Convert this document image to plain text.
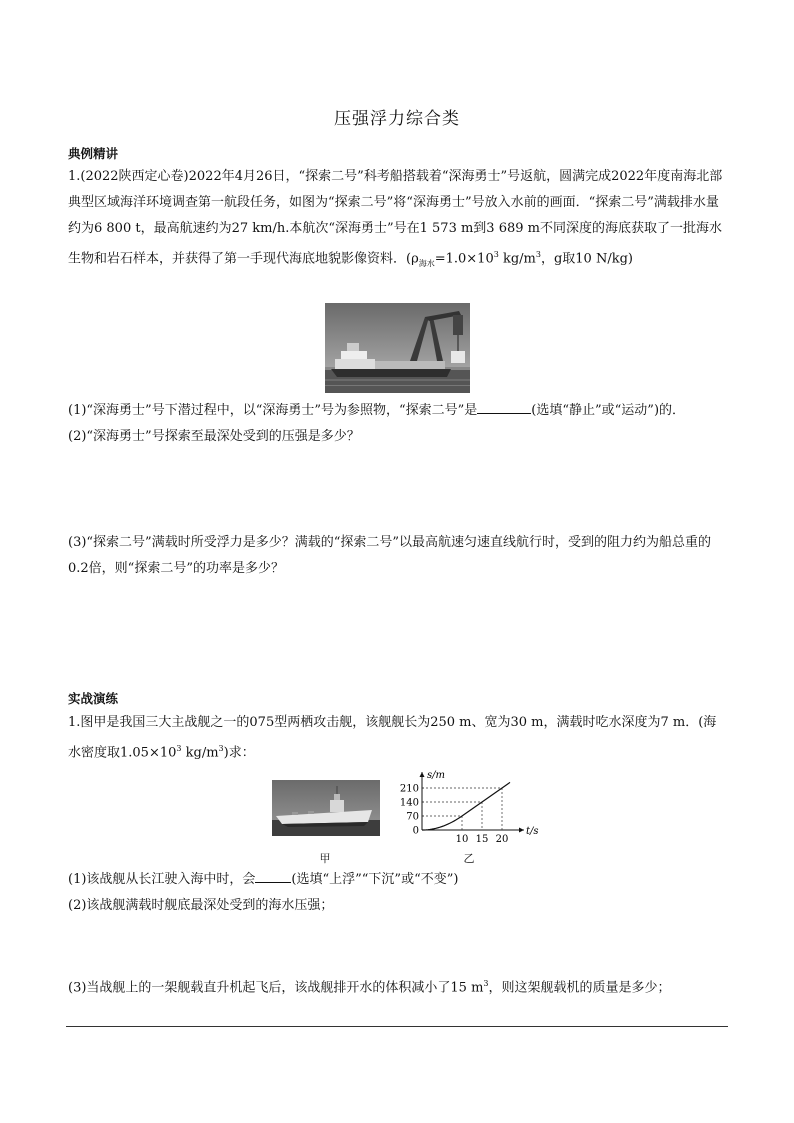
压强浮力综合类
典例精讲
1.(2022陕西定心卷)2022年4月26日，“探索二号”科考船搭载着“深海勇士”号返航，圆满完成2022年度南海北部典型区域海洋环境调查第一航段任务，如图为“探索二号”将“深海勇士”号放入水前的画面．“探索二号”满载排水量约为6 800 t，最高航速约为27 km/h.本航次“深海勇士”号在1 573 m到3 689 m不同深度的海底获取了一批海水生物和岩石样本，并获得了第一手现代海底地貌影像资料．($\rho_{海水}=1.0\times 10^3$ $kg/m^3$，g取10 N/kg)
(1)“深海勇士”号下潜过程中，以“深海勇士”号为参照物，“探索二号”是	(选填“静止”或“运动”)的．
(2)“深海勇士”号探索至最深处受到的压强是多少？
(3)“探索二号”满载时所受浮力是多少？满载的“探索二号”以最高航速匀速直线航行时，受到的阻力约为船总重的0.2倍，则“探索二号”的功率是多少？
实战演练
1.图甲是我国三大主战舰之一的075型两栖攻击舰，该舰舰长为250 m、宽为30 m，满载时吃水深度为7 m．(海水密度取$1.05\times 10^3$ $kg/m^3$)求：
甲
s/m
t/s
210
140
70
0
10 15 20
乙
(1)该战舰从长江驶入海中时，会	(选填“上浮”“下沉”或“不变”)
(2)该战舰满载时舰底最深处受到的海水压强；
(3)当战舰上的一架舰载直升机起飞后，该战舰排开水的体积减小了15 $m^3$，则这架舰载机的质量是多少；
